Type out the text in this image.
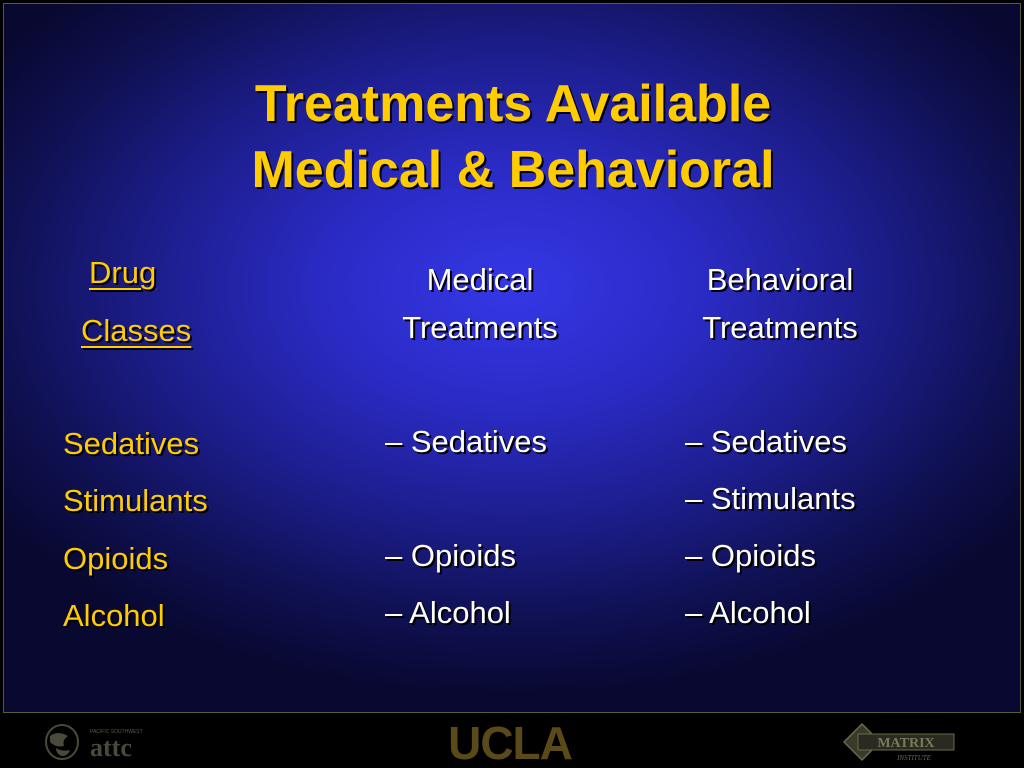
Treatments Available
Medical & Behavioral
Drug
Classes
Medical
Treatments
Behavioral
Treatments
Sedatives
Stimulants
Opioids
Alcohol
– Sedatives
– Opioids
– Alcohol
– Sedatives
– Stimulants
– Opioids
– Alcohol
PACIFIC SOUTHWEST
attc	UCLA	MATRIX
INSTITUTE
